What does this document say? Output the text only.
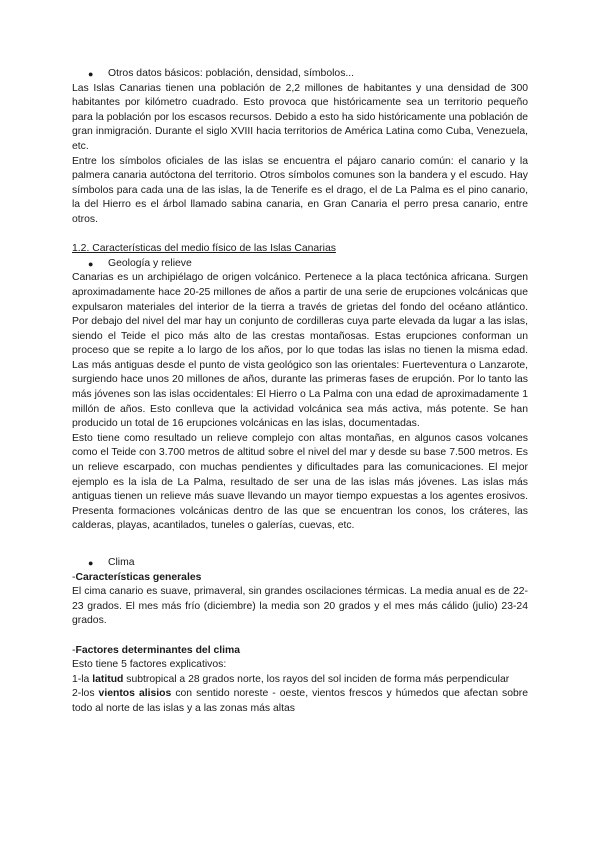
●	Otros datos básicos: población, densidad, símbolos...

Las Islas Canarias tienen una población de 2,2 millones de habitantes y una densidad de 300 habitantes por kilómetro cuadrado. Esto provoca que históricamente sea un territorio pequeño para la población por los escasos recursos. Debido a esto ha sido históricamente una población de gran inmigración. Durante el siglo XVIII hacia territorios de América Latina como Cuba, Venezuela, etc.

Entre los símbolos oficiales de las islas se encuentra el pájaro canario común: el canario y la palmera canaria autóctona del territorio. Otros símbolos comunes son la bandera y el escudo. Hay símbolos para cada una de las islas, la de Tenerife es el drago, el de La Palma es el pino canario, la del Hierro es el árbol llamado sabina canaria, en Gran Canaria el perro presa canario, entre otros.

1.2. Características del medio físico de las Islas Canarias

●	Geología y relieve

Canarias es un archipiélago de origen volcánico. Pertenece a la placa tectónica africana. Surgen aproximadamente hace 20-25 millones de años a partir de una serie de erupciones volcánicas que expulsaron materiales del interior de la tierra a través de grietas del fondo del océano atlántico. Por debajo del nivel del mar hay un conjunto de cordilleras cuya parte elevada da lugar a las islas, siendo el Teide el pico más alto de las crestas montañosas. Estas erupciones conforman un proceso que se repite a lo largo de los años, por lo que todas las islas no tienen la misma edad. Las más antiguas desde el punto de vista geológico son las orientales: Fuerteventura o Lanzarote, surgiendo hace unos 20 millones de años, durante las primeras fases de erupción. Por lo tanto las más jóvenes son las islas occidentales: El Hierro o La Palma con una edad de aproximadamente 1 millón de años. Esto conlleva que la actividad volcánica sea más activa, más potente. Se han producido un total de 16 erupciones volcánicas en las islas, documentadas.

Esto tiene como resultado un relieve complejo con altas montañas, en algunos casos volcanes como el Teide con 3.700 metros de altitud sobre el nivel del mar y desde su base 7.500 metros. Es un relieve escarpado, con muchas pendientes y dificultades para las comunicaciones. El mejor ejemplo es la isla de La Palma, resultado de ser una de las islas más jóvenes. Las islas más antiguas tienen un relieve más suave llevando un mayor tiempo expuestas a los agentes erosivos. Presenta formaciones volcánicas dentro de las que se encuentran los conos, los cráteres, las calderas, playas, acantilados, tuneles o galerías, cuevas, etc.

●	Clima

-Características generales

El cima canario es suave, primaveral, sin grandes oscilaciones térmicas. La media anual es de 22-23 grados. El mes más frío (diciembre) la media son 20 grados y el mes más cálido (julio) 23-24 grados.

-Factores determinantes del clima

Esto tiene 5 factores explicativos:

1-la latitud subtropical a 28 grados norte, los rayos del sol inciden de forma más perpendicular

2-los vientos alisios con sentido noreste - oeste, vientos frescos y húmedos que afectan sobre todo al norte de las islas y a las zonas más altas
